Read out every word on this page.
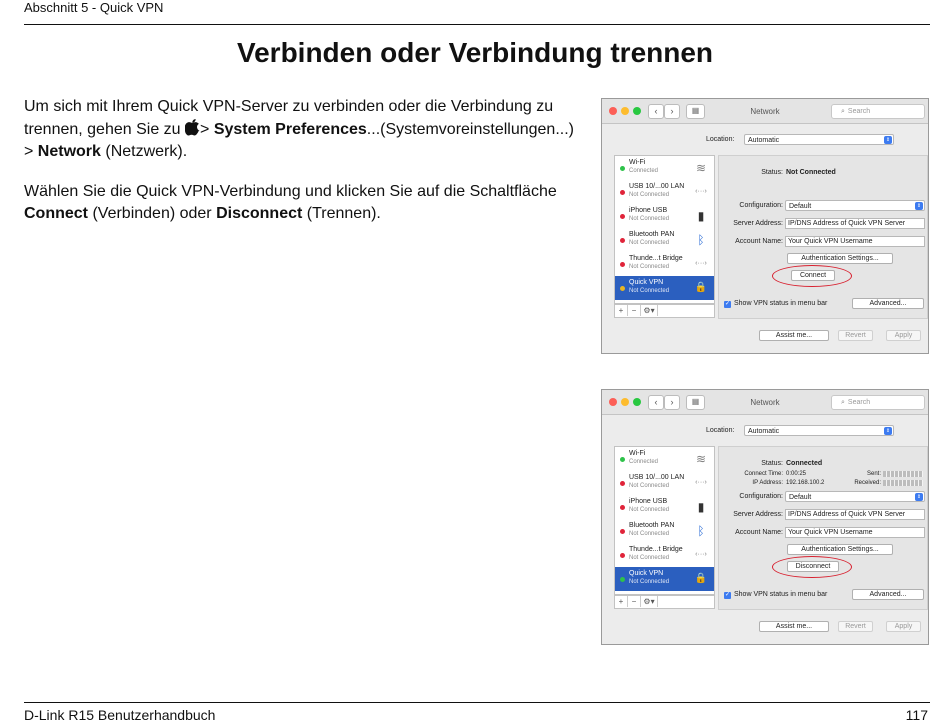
Abschnitt 5 - Quick VPN
Verbinden oder Verbindung trennen

Um sich mit Ihrem Quick VPN-Server zu verbinden oder die Verbindung zu trennen, gehen Sie zu > System Preferences...(Systemvoreinstellungen...) > Network (Netzwerk).

Wählen Sie die Quick VPN-Verbindung und klicken Sie auf die Schaltfläche Connect (Verbinden) oder Disconnect (Trennen).

‹	›	▦	Network	⌕ Search
Location:	Automatic	⇕
Wi-Fi
Connected	≋
USB 10/...00 LAN
Not Connected	‹···›
iPhone USB
Not Connected	▮
Bluetooth PAN
Not Connected	ᛒ
Thunde...t Bridge
Not Connected	‹···›
Quick VPN
Not Connected	🔒
+ − ⚙▾
Status: Not Connected
Configuration: Default	⇕
Server Address: IP/DNS Address of Quick VPN Server
Account Name: Your Quick VPN Username
Authentication Settings...
Connect
✓ Show VPN status in menu bar	Advanced...
Assist me...	Revert	Apply
‹	›	▦	Network	⌕ Search
Location:	Automatic	⇕
Wi-Fi
Connected	≋
USB 10/...00 LAN
Not Connected	‹···›
iPhone USB
Not Connected	▮
Bluetooth PAN
Not Connected	ᛒ
Thunde...t Bridge
Not Connected	‹···›
Quick VPN
Not Connected	🔒
+ − ⚙▾
Status: Connected
Connect Time: 0:00:25
IP Address: 192.168.100.2
Sent:
Received:
Configuration: Default	⇕
Server Address: IP/DNS Address of Quick VPN Server
Account Name: Your Quick VPN Username
Authentication Settings...
Disconnect
✓ Show VPN status in menu bar	Advanced...
Assist me...	Revert	Apply
D-Link R15 Benutzerhandbuch	117
